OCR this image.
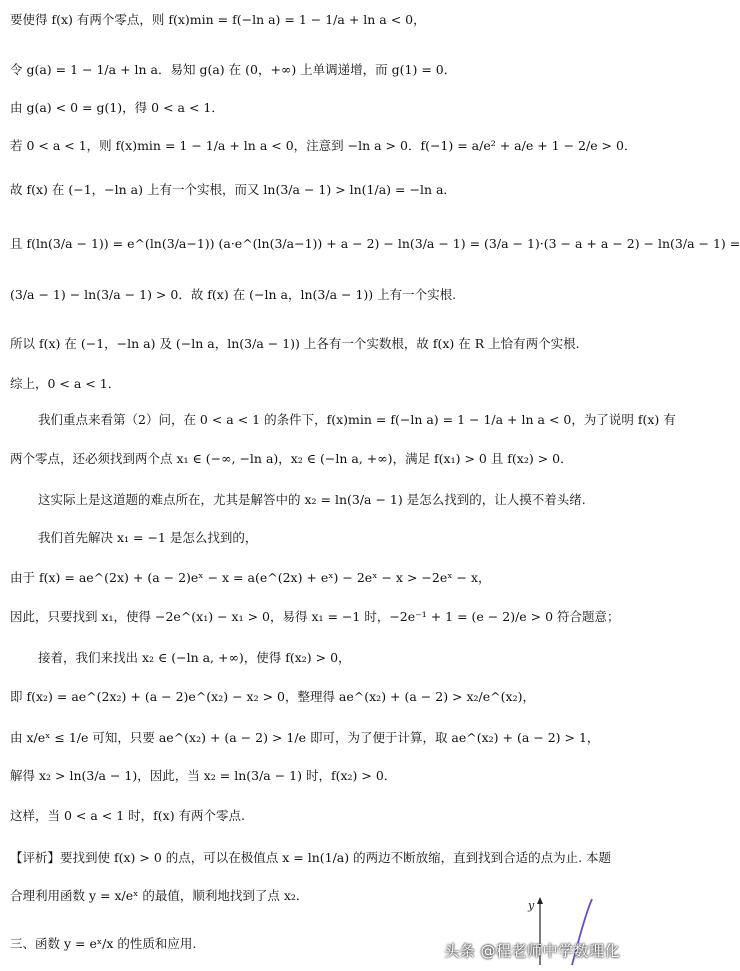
要使得 f(x) 有两个零点，则 f(x)min = f(−ln a) = 1 − 1/a + ln a < 0，
令 g(a) = 1 − 1/a + ln a．易知 g(a) 在 (0，+∞) 上单调递增，而 g(1) = 0．
由 g(a) < 0 = g(1)，得 0 < a < 1．
若 0 < a < 1，则 f(x)min = 1 − 1/a + ln a < 0，注意到 −ln a > 0．f(−1) = a/e² + a/e + 1 − 2/e > 0．
故 f(x) 在 (−1，−ln a) 上有一个实根，而又 ln(3/a − 1) > ln(1/a) = −ln a．
且 f(ln(3/a − 1)) = e^(ln(3/a−1)) (a·e^(ln(3/a−1)) + a − 2) − ln(3/a − 1) = (3/a − 1)·(3 − a + a − 2) − ln(3/a − 1) =
(3/a − 1) − ln(3/a − 1) > 0．故 f(x) 在 (−ln a，ln(3/a − 1)) 上有一个实根.
所以 f(x) 在 (−1，−ln a) 及 (−ln a，ln(3/a − 1)) 上各有一个实数根，故 f(x) 在 R 上恰有两个实根.
综上，0 < a < 1．
我们重点来看第（2）问，在 0 < a < 1 的条件下，f(x)min = f(−ln a) = 1 − 1/a + ln a < 0，为了说明 f(x) 有
两个零点，还必须找到两个点 x₁ ∈ (−∞, −ln a)，x₂ ∈ (−ln a, +∞)，满足 f(x₁) > 0 且 f(x₂) > 0．
这实际上是这道题的难点所在，尤其是解答中的 x₂ = ln(3/a − 1) 是怎么找到的，让人摸不着头绪.
我们首先解决 x₁ = −1 是怎么找到的，
由于 f(x) = ae^(2x) + (a − 2)eˣ − x = a(e^(2x) + eˣ) − 2eˣ − x > −2eˣ − x，
因此，只要找到 x₁，使得 −2e^(x₁) − x₁ > 0，易得 x₁ = −1 时，−2e⁻¹ + 1 = (e − 2)/e > 0 符合题意；
接着，我们来找出 x₂ ∈ (−ln a, +∞)，使得 f(x₂) > 0，
即 f(x₂) = ae^(2x₂) + (a − 2)e^(x₂) − x₂ > 0，整理得 ae^(x₂) + (a − 2) > x₂/e^(x₂)，
由 x/eˣ ≤ 1/e 可知，只要 ae^(x₂) + (a − 2) > 1/e 即可，为了便于计算，取 ae^(x₂) + (a − 2) > 1，
解得 x₂ > ln(3/a − 1)，因此，当 x₂ = ln(3/a − 1) 时，f(x₂) > 0．
这样，当 0 < a < 1 时，f(x) 有两个零点.
【评析】要找到使 f(x) > 0 的点，可以在极值点 x = ln(1/a) 的两边不断放缩，直到找到合适的点为止. 本题
合理利用函数 y = x/eˣ 的最值，顺利地找到了点 x₂．
三、函数 y = eˣ/x 的性质和应用.
y
头条 @程老师中学数理化
